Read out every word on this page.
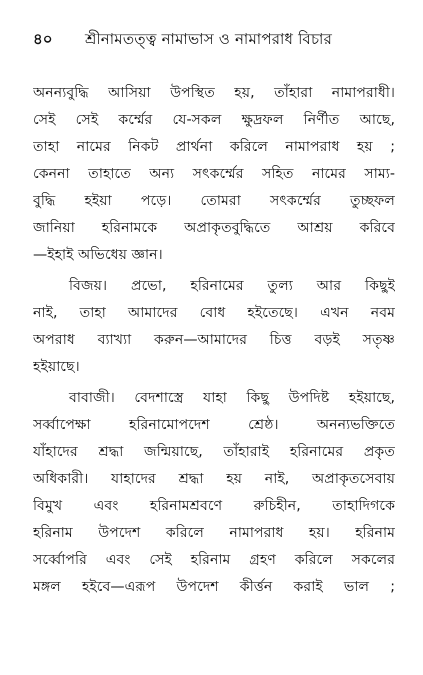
৪০	শ্রীনামতত্ত্ব নামাভাস ও নামাপরাধ বিচার
অনন্যবুদ্ধি আসিয়া উপস্থিত হয়, তাঁহারা নামাপরাধী।
সেই সেই কর্ম্মের যে-সকল ক্ষুদ্রফল নির্ণীত আছে,
তাহা নামের নিকট প্রার্থনা করিলে নামাপরাধ হয় ;
কেননা তাহাতে অন্য সৎকর্ম্মের সহিত নামের সাম্য-
বুদ্ধি হইয়া পড়ে। তোমরা সৎকর্ম্মের তুচ্ছফল
জানিয়া হরিনামকে অপ্রাকৃতবুদ্ধিতে আশ্রয় করিবে
—ইহাই অভিধেয় জ্ঞান।
বিজয়। প্রভো, হরিনামের তুল্য আর কিছুই
নাই, তাহা আমাদের বোধ হইতেছে। এখন নবম
অপরাধ ব্যাখ্যা করুন—আমাদের চিত্ত বড়ই সতৃষ্ণ
হইয়াছে।
বাবাজী। বেদশাস্ত্রে যাহা কিছু উপদিষ্ট হইয়াছে,
সর্ব্বাপেক্ষা হরিনামোপদেশ শ্রেষ্ঠ। অনন্যভক্তিতে
যাঁহাদের শ্রদ্ধা জন্মিয়াছে, তাঁহারাই হরিনামের প্রকৃত
অধিকারী। যাহাদের শ্রদ্ধা হয় নাই, অপ্রাকৃতসেবায়
বিমুখ এবং হরিনামশ্রবণে রুচিহীন, তাহাদিগকে
হরিনাম উপদেশ করিলে নামাপরাধ হয়। হরিনাম
সর্ব্বোপরি এবং সেই হরিনাম গ্রহণ করিলে সকলের
মঙ্গল হইবে—এরূপ উপদেশ কীর্ত্তন করাই ভাল ;
